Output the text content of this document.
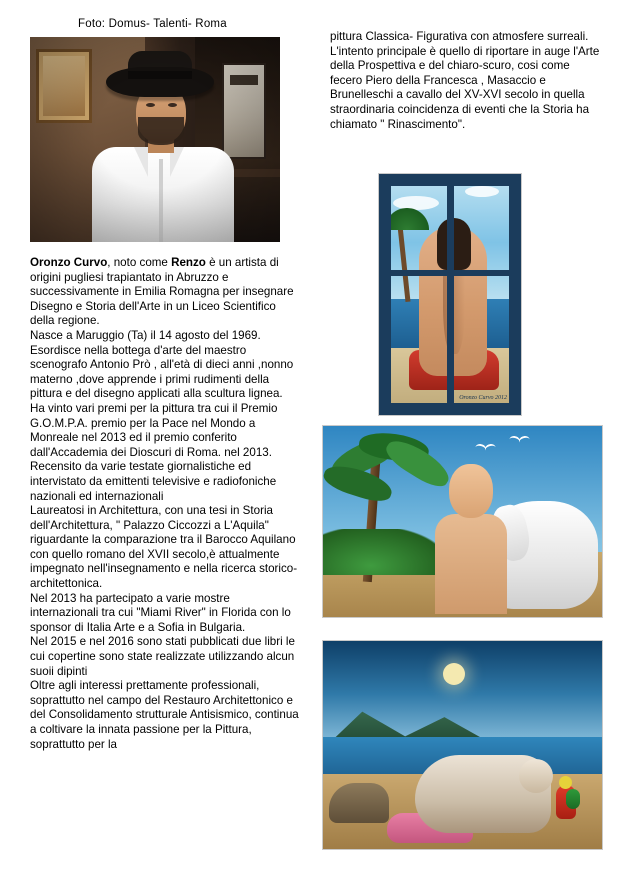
Foto: Domus- Talenti- Roma

Oronzo Curvo, noto come Renzo è un artista di origini pugliesi trapiantato in Abruzzo e successivamente in Emilia Romagna per insegnare Disegno e Storia dell'Arte in un Liceo Scientifico della regione.

Nasce a Maruggio (Ta) il 14 agosto del 1969. Esordisce nella bottega d'arte del maestro scenografo Antonio Prò , all'età di dieci anni ,nonno materno ,dove apprende i primi rudimenti della pittura e del disegno applicati alla scultura lignea.

Ha vinto vari premi per la pittura tra cui il Premio G.O.M.P.A. premio per la Pace nel Mondo a Monreale nel 2013 ed il premio conferito dall'Accademia dei Dioscuri di Roma. nel 2013. Recensito da varie testate giornalistiche ed intervistato da emittenti televisive e radiofoniche nazionali ed internazionali

Laureatosi in Architettura, con una tesi in Storia dell'Architettura, " Palazzo Ciccozzi a L'Aquila" riguardante la comparazione tra il Barocco Aquilano con quello romano del XVII secolo,è attualmente impegnato nell'insegnamento e nella ricerca storico-architettonica.

Nel 2013 ha partecipato a varie mostre internazionali tra cui "Miami River" in Florida con lo sponsor di Italia Arte e a Sofia in Bulgaria.

Nel 2015 e nel 2016 sono stati pubblicati due libri le cui copertine sono state realizzate utilizzando alcun suoii dipinti

Oltre agli interessi prettamente professionali, soprattutto nel campo del Restauro Architettonico e del Consolidamento strutturale Antisismico, continua a coltivare la innata passione per la Pittura, soprattutto per la

pittura Classica- Figurativa con atmosfere surreali.

L'intento principale è quello di riportare in auge l'Arte della Prospettiva e del chiaro-scuro, cosi come fecero Piero della Francesca , Masaccio e Brunelleschi a cavallo del XV-XVI secolo in quella straordinaria coincidenza di eventi che la Storia ha chiamato " Rinascimento".

Oronzo Curvo 2012
